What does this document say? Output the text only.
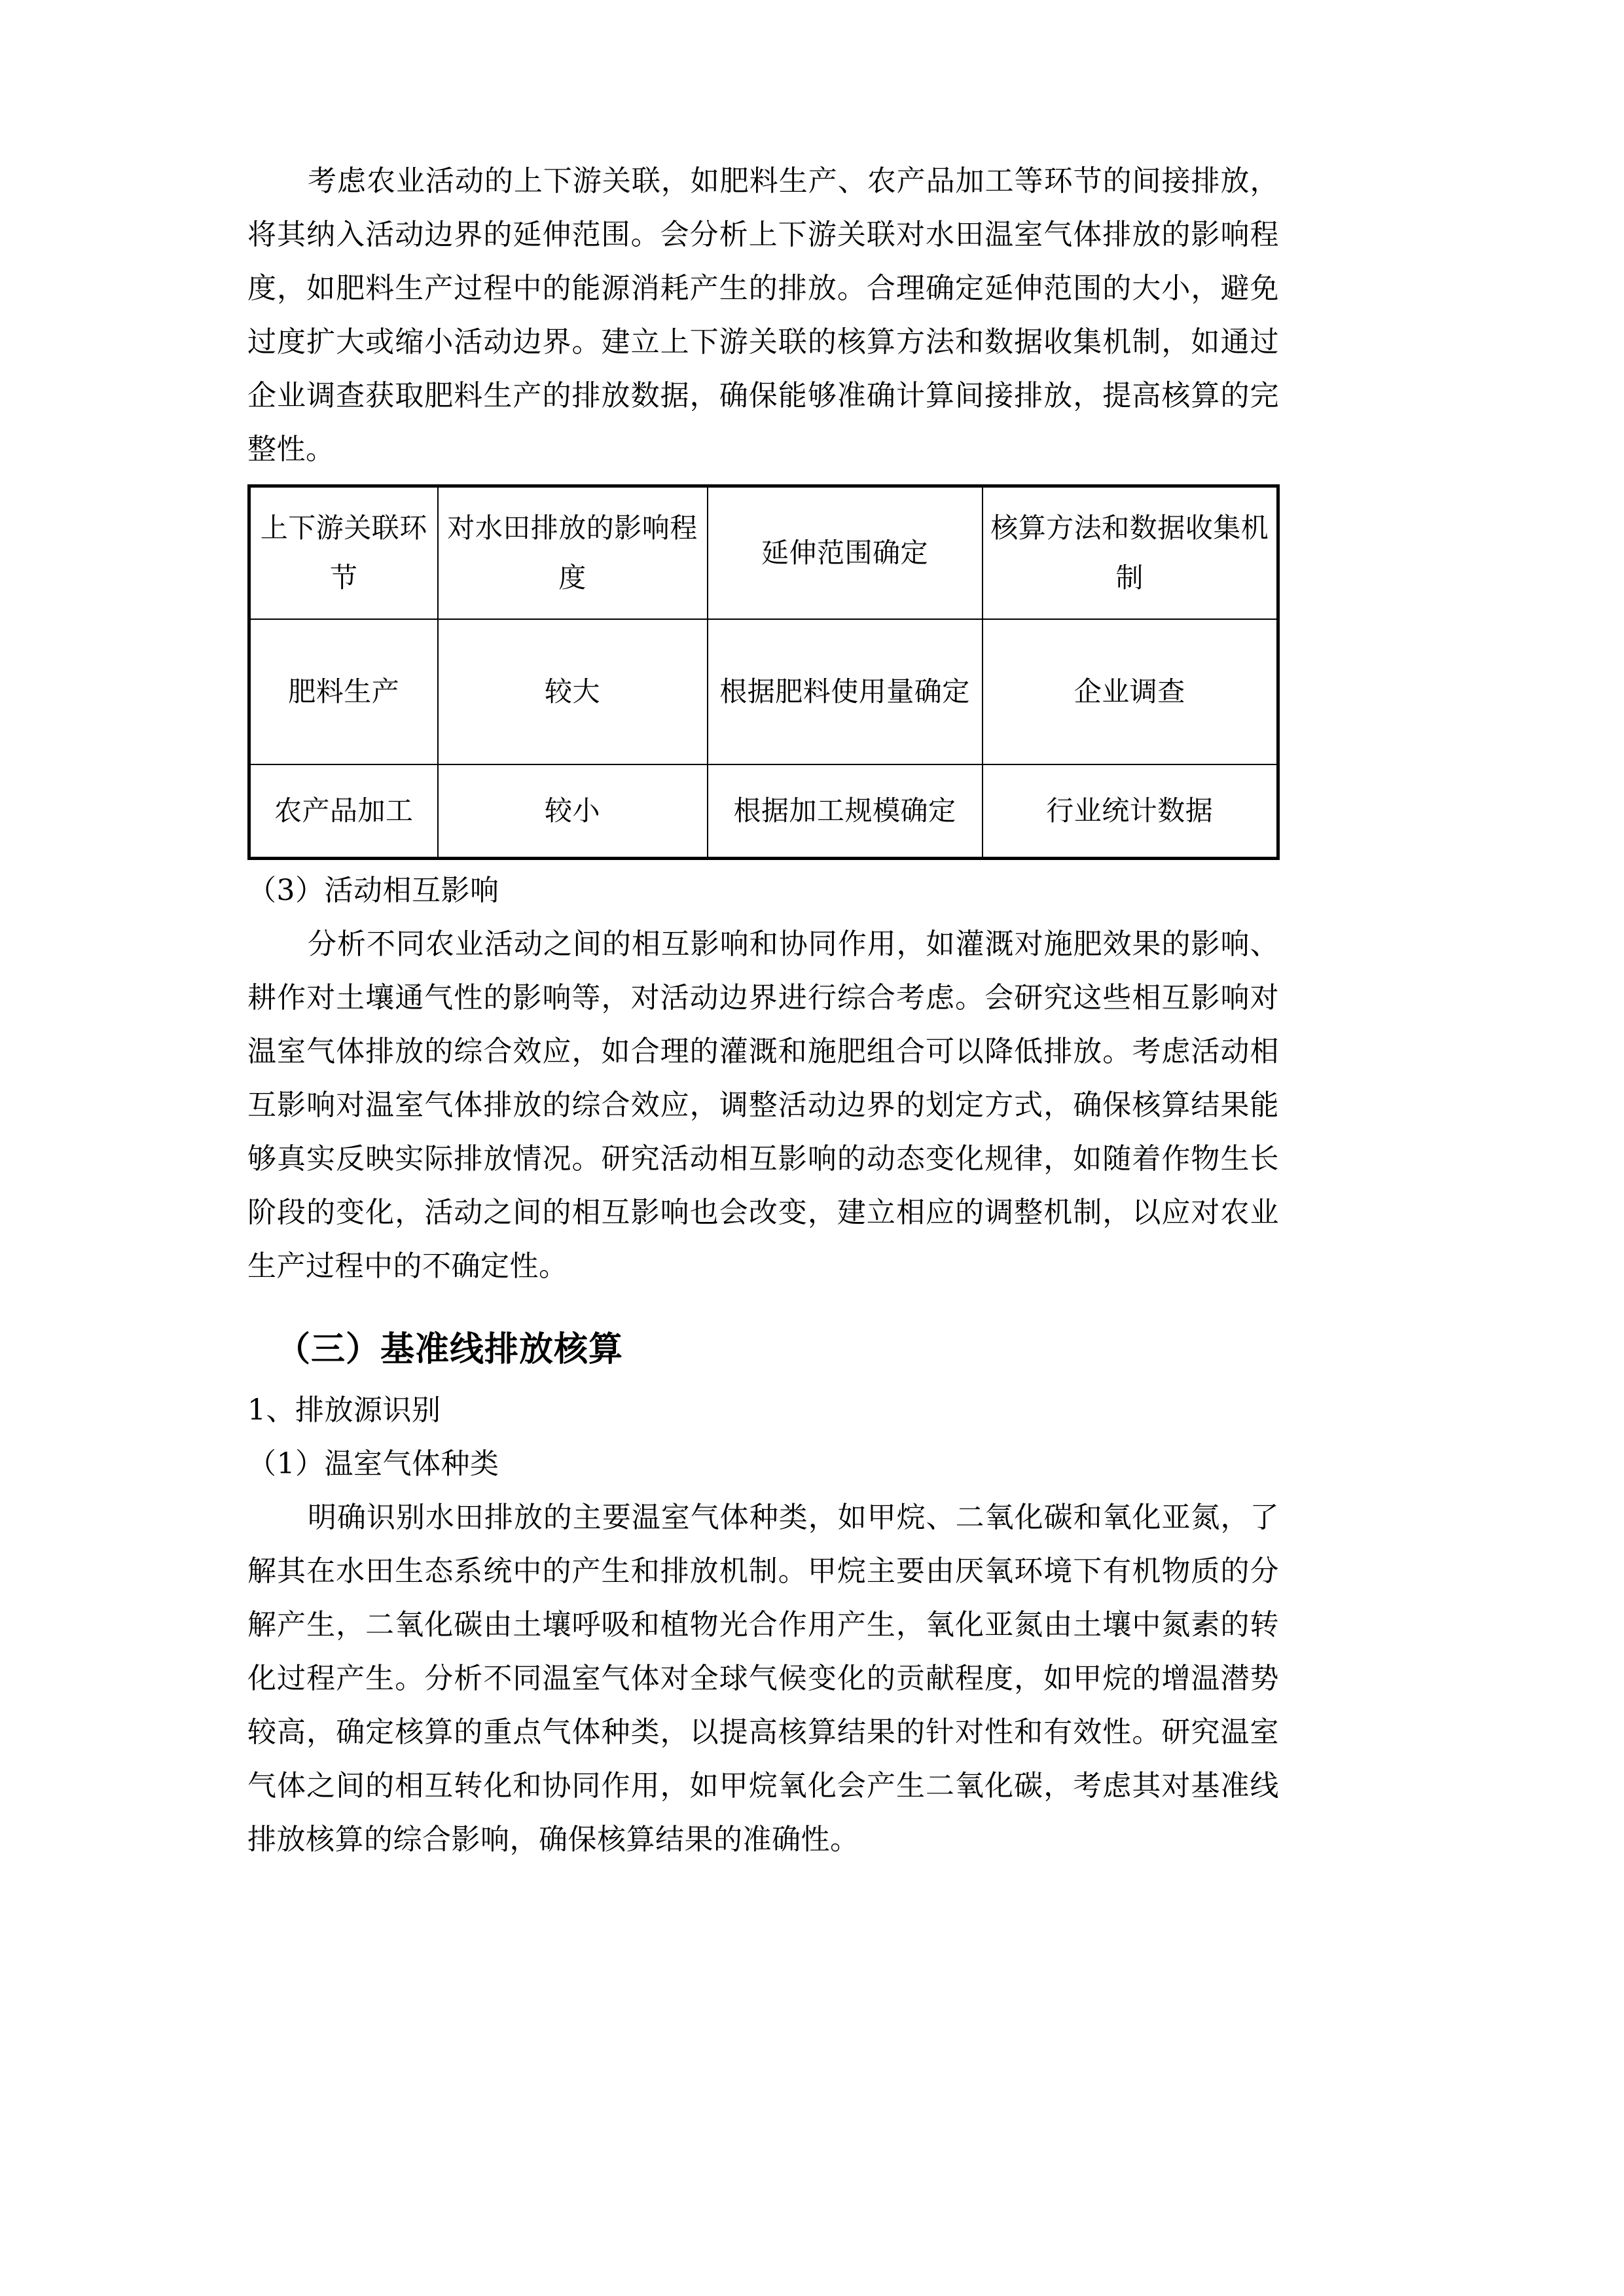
考虑农业活动的上下游关联，如肥料生产、农产品加工等环节的间接排放，将其纳入活动边界的延伸范围。会分析上下游关联对水田温室气体排放的影响程度，如肥料生产过程中的能源消耗产生的排放。合理确定延伸范围的大小，避免过度扩大或缩小活动边界。建立上下游关联的核算方法和数据收集机制，如通过企业调查获取肥料生产的排放数据，确保能够准确计算间接排放，提高核算的完整性。

上下游关联环节	对水田排放的影响程度	延伸范围确定	核算方法和数据收集机制
肥料生产	较大	根据肥料使用量确定	企业调查
农产品加工	较小	根据加工规模确定	行业统计数据

（3）活动相互影响

分析不同农业活动之间的相互影响和协同作用，如灌溉对施肥效果的影响、耕作对土壤通气性的影响等，对活动边界进行综合考虑。会研究这些相互影响对温室气体排放的综合效应，如合理的灌溉和施肥组合可以降低排放。考虑活动相互影响对温室气体排放的综合效应，调整活动边界的划定方式，确保核算结果能够真实反映实际排放情况。研究活动相互影响的动态变化规律，如随着作物生长阶段的变化，活动之间的相互影响也会改变，建立相应的调整机制，以应对农业生产过程中的不确定性。

（三）基准线排放核算

1、排放源识别

（1）温室气体种类

明确识别水田排放的主要温室气体种类，如甲烷、二氧化碳和氧化亚氮，了解其在水田生态系统中的产生和排放机制。甲烷主要由厌氧环境下有机物质的分解产生，二氧化碳由土壤呼吸和植物光合作用产生，氧化亚氮由土壤中氮素的转化过程产生。分析不同温室气体对全球气候变化的贡献程度，如甲烷的增温潜势较高，确定核算的重点气体种类，以提高核算结果的针对性和有效性。研究温室气体之间的相互转化和协同作用，如甲烷氧化会产生二氧化碳，考虑其对基准线排放核算的综合影响，确保核算结果的准确性。
